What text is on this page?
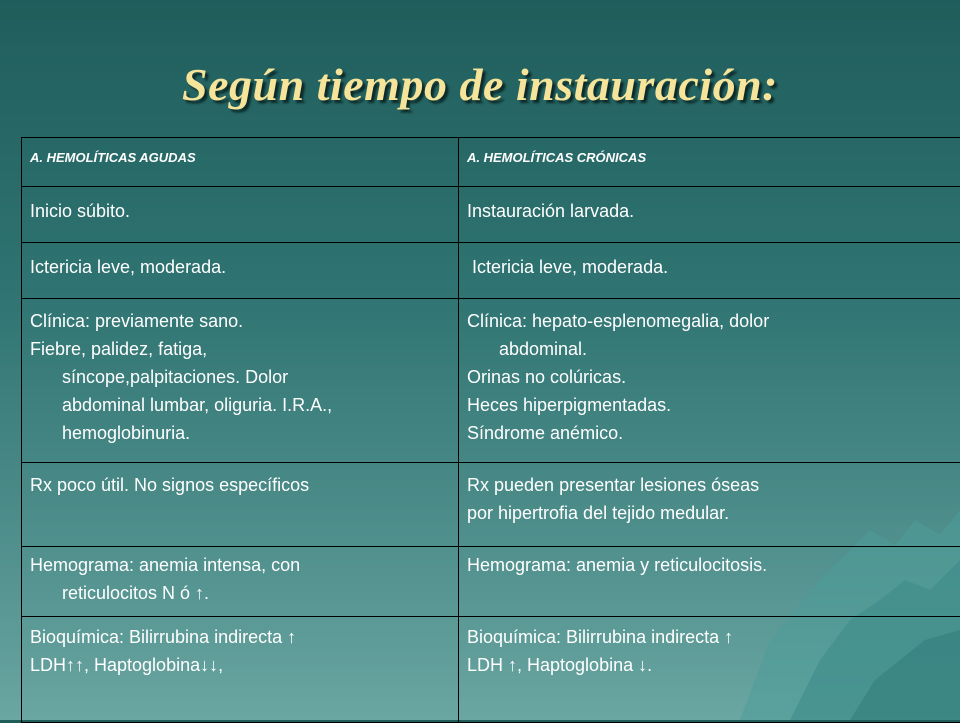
Según tiempo de instauración:
A. HEMOLÍTICAS AGUDAS	A. HEMOLÍTICAS CRÓNICAS

Inicio súbito.	Instauración larvada.

Ictericia leve, moderada.	Ictericia leve, moderada.

Clínica: previamente sano.
Fiebre, palidez, fatiga,
síncope,palpitaciones. Dolor
abdominal lumbar, oliguria. I.R.A.,
hemoglobinuria.	Clínica: hepato-esplenomegalia, dolor
abdominal.
Orinas no colúricas.
Heces hiperpigmentadas.
Síndrome anémico.

Rx poco útil. No signos específicos	Rx pueden presentar lesiones óseas
por hipertrofia del tejido medular.

Hemograma: anemia intensa, con
reticulocitos N ó ↑.	Hemograma: anemia y reticulocitosis.

Bioquímica: Bilirrubina indirecta ↑
LDH↑↑, Haptoglobina↓↓,	Bioquímica: Bilirrubina indirecta ↑
LDH ↑, Haptoglobina ↓.
